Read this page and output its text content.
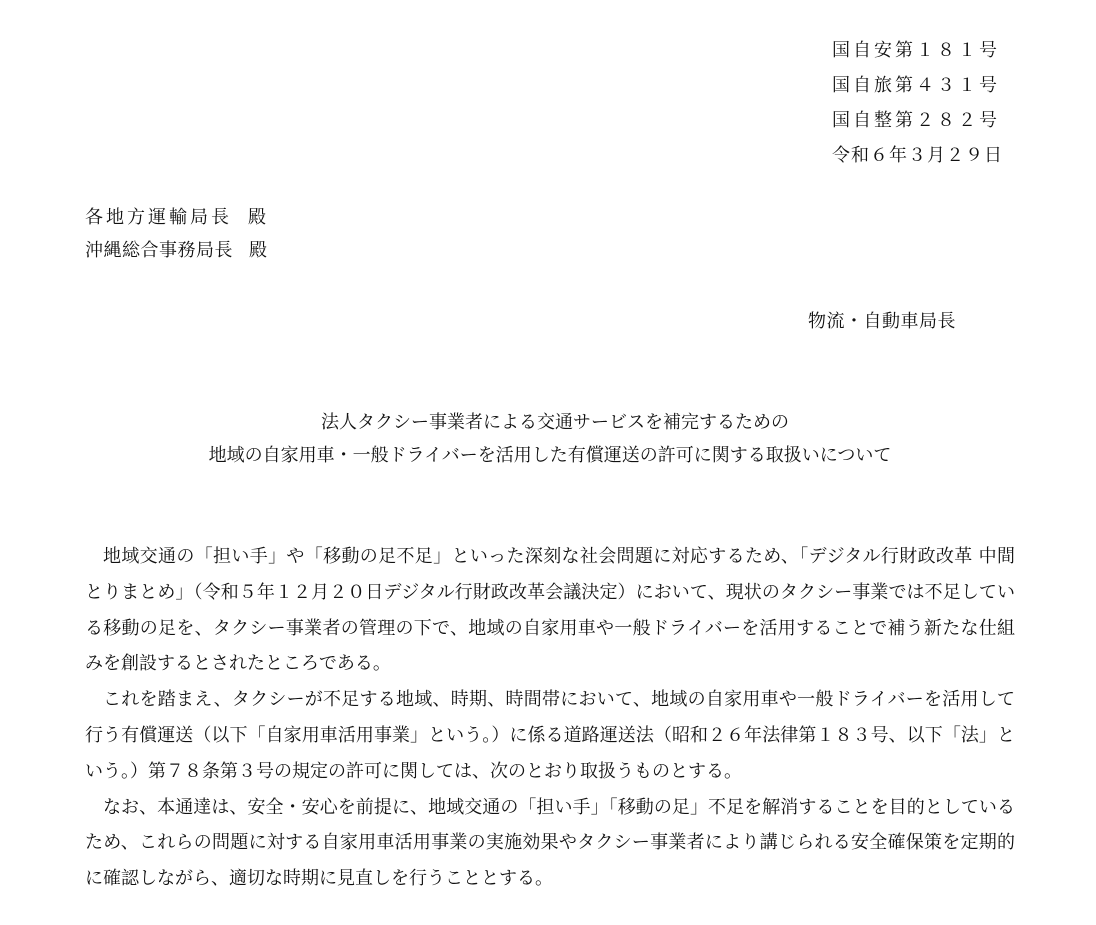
国自安第１８１号
国自旅第４３１号
国自整第２８２号
令和６年３月２９日
各地方運輸局長 殿
沖縄総合事務局長 殿
物流・自動車局長
法人タクシー事業者による交通サービスを補完するための
地域の自家用車・一般ドライバーを活用した有償運送の許可に関する取扱いについて

地域交通の「担い手」や「移動の足不足」といった深刻な社会問題に対応するため、「デジタル行財政改革 中間とりまとめ」（令和５年１２月２０日デジタル行財政改革会議決定）において、現状のタクシー事業では不足している移動の足を、タクシー事業者の管理の下で、地域の自家用車や一般ドライバーを活用することで補う新たな仕組みを創設するとされたところである。

これを踏まえ、タクシーが不足する地域、時期、時間帯において、地域の自家用車や一般ドライバーを活用して行う有償運送（以下「自家用車活用事業」という。）に係る道路運送法（昭和２６年法律第１８３号、以下「法」という。）第７８条第３号の規定の許可に関しては、次のとおり取扱うものとする。

なお、本通達は、安全・安心を前提に、地域交通の「担い手」「移動の足」不足を解消することを目的としているため、これらの問題に対する自家用車活用事業の実施効果やタクシー事業者により講じられる安全確保策を定期的に確認しながら、適切な時期に見直しを行うこととする。
